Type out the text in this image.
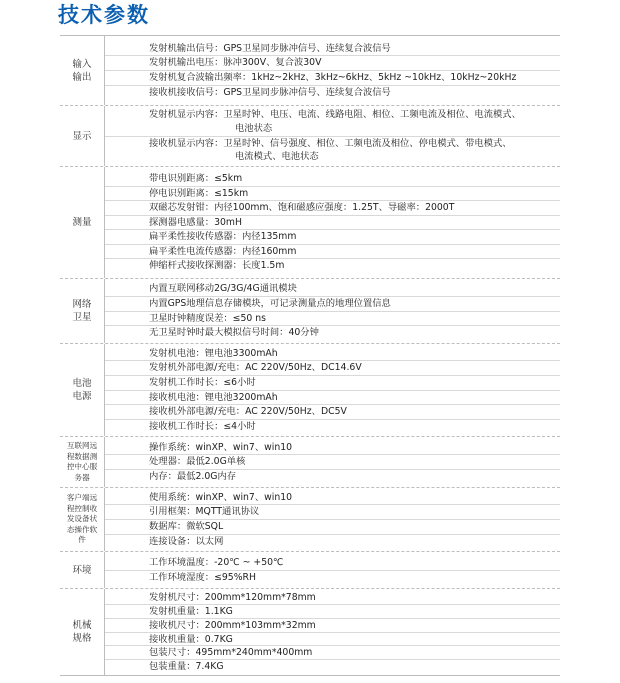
技术参数
输入
输出
发射机输出信号：GPS卫星同步脉冲信号、连续复合波信号
发射机输出电压：脉冲300V、复合波30V
发射机复合波输出频率：1kHz~2kHz、3kHz~6kHz、5kHz ~10kHz、10kHz~20kHz
接收机接收信号：GPS卫星同步脉冲信号、连续复合波信号
显示
发射机显示内容：卫星时钟、电压、电流、线路电阻、相位、工频电流及相位、电流模式、
电池状态
接收机显示内容：卫星时钟、信号强度、相位、工频电流及相位、停电模式、带电模式、
电流模式、电池状态
测量
带电识别距离：≤5km
停电识别距离：≤15km
双磁芯发射钳：内径100mm、饱和磁感应强度：1.25T、导磁率：2000T
探测器电感量：30mH
扁平柔性接收传感器：内径135mm
扁平柔性电流传感器：内径160mm
伸缩杆式接收探测器：长度1.5m
网络
卫星
内置互联网移动2G/3G/4G通讯模块
内置GPS地理信息存储模块，可记录测量点的地理位置信息
卫星时钟精度误差：≤50 ns
无卫星时钟时最大模拟信号时间：40分钟
电池
电源
发射机电池：锂电池3300mAh
发射机外部电源/充电：AC 220V/50Hz、DC14.6V
发射机工作时长：≤6小时
接收机电池：锂电池3200mAh
接收机外部电源/充电：AC 220V/50Hz、DC5V
接收机工作时长：≤4小时
互联网远
程数据测
控中心服
务器
操作系统：winXP、win7、win10
处理器：最低2.0G单核
内存：最低2.0G内存
客户端远
程控制收
发设备状
态操作软
件
使用系统：winXP、win7、win10
引用框架：MQTT通讯协议
数据库：微软SQL
连接设备：以太网
环境
工作环境温度：-20℃ ~ +50℃
工作环境湿度：≤95%RH
机械
规格
发射机尺寸：200mm*120mm*78mm
发射机重量：1.1KG
接收机尺寸：200mm*103mm*32mm
接收机重量：0.7KG
包装尺寸：495mm*240mm*400mm
包装重量：7.4KG
